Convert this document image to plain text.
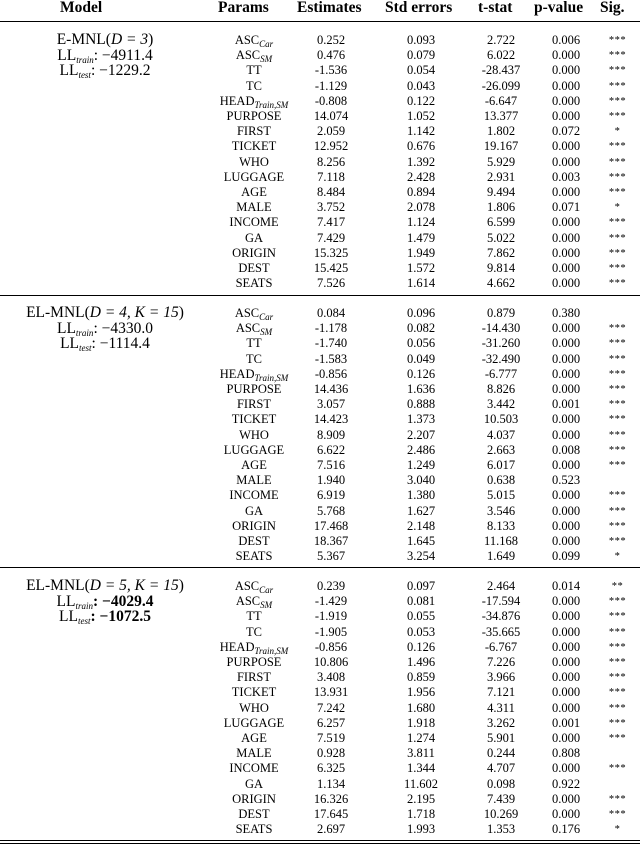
Model	Params Estimates Std errors t-stat p-value Sig.
E-MNL(D = 3)
$LL_{train}$: −4911.4
$LL_{test}$: −1229.2
$ASC_{Car}$	0.252	0.093	2.722	0.006	***
$ASC_{SM}$	0.476	0.079	6.022	0.000	***
TT	-1.536	0.054	-28.437	0.000	***
TC	-1.129	0.043	-26.099	0.000	***
$HEAD_{Train,SM}$	-0.808	0.122	-6.647	0.000	***
PURPOSE	14.074	1.052	13.377	0.000	***
FIRST	2.059	1.142	1.802	0.072	*
TICKET	12.952	0.676	19.167	0.000	***
WHO	8.256	1.392	5.929	0.000	***
LUGGAGE	7.118	2.428	2.931	0.003	***
AGE	8.484	0.894	9.494	0.000	***
MALE	3.752	2.078	1.806	0.071	*
INCOME	7.417	1.124	6.599	0.000	***
GA	7.429	1.479	5.022	0.000	***
ORIGIN	15.325	1.949	7.862	0.000	***
DEST	15.425	1.572	9.814	0.000	***
SEATS	7.526	1.614	4.662	0.000	***
EL-MNL(D = 4, K = 15)
$LL_{train}$: −4330.0
$LL_{test}$: −1114.4
$ASC_{Car}$	0.084	0.096	0.879	0.380
$ASC_{SM}$	-1.178	0.082	-14.430	0.000	***
TT	-1.740	0.056	-31.260	0.000	***
TC	-1.583	0.049	-32.490	0.000	***
$HEAD_{Train,SM}$	-0.856	0.126	-6.777	0.000	***
PURPOSE	14.436	1.636	8.826	0.000	***
FIRST	3.057	0.888	3.442	0.001	***
TICKET	14.423	1.373	10.503	0.000	***
WHO	8.909	2.207	4.037	0.000	***
LUGGAGE	6.622	2.486	2.663	0.008	***
AGE	7.516	1.249	6.017	0.000	***
MALE	1.940	3.040	0.638	0.523
INCOME	6.919	1.380	5.015	0.000	***
GA	5.768	1.627	3.546	0.000	***
ORIGIN	17.468	2.148	8.133	0.000	***
DEST	18.367	1.645	11.168	0.000	***
SEATS	5.367	3.254	1.649	0.099	*
EL-MNL(D = 5, K = 15)
$LL_{train}$: −4029.4
$LL_{test}$: −1072.5
$ASC_{Car}$	0.239	0.097	2.464	0.014	**
$ASC_{SM}$	-1.429	0.081	-17.594	0.000	***
TT	-1.919	0.055	-34.876	0.000	***
TC	-1.905	0.053	-35.665	0.000	***
$HEAD_{Train,SM}$	-0.856	0.126	-6.767	0.000	***
PURPOSE	10.806	1.496	7.226	0.000	***
FIRST	3.408	0.859	3.966	0.000	***
TICKET	13.931	1.956	7.121	0.000	***
WHO	7.242	1.680	4.311	0.000	***
LUGGAGE	6.257	1.918	3.262	0.001	***
AGE	7.519	1.274	5.901	0.000	***
MALE	0.928	3.811	0.244	0.808
INCOME	6.325	1.344	4.707	0.000	***
GA	1.134	11.602	0.098	0.922
ORIGIN	16.326	2.195	7.439	0.000	***
DEST	17.645	1.718	10.269	0.000	***
SEATS	2.697	1.993	1.353	0.176	*
